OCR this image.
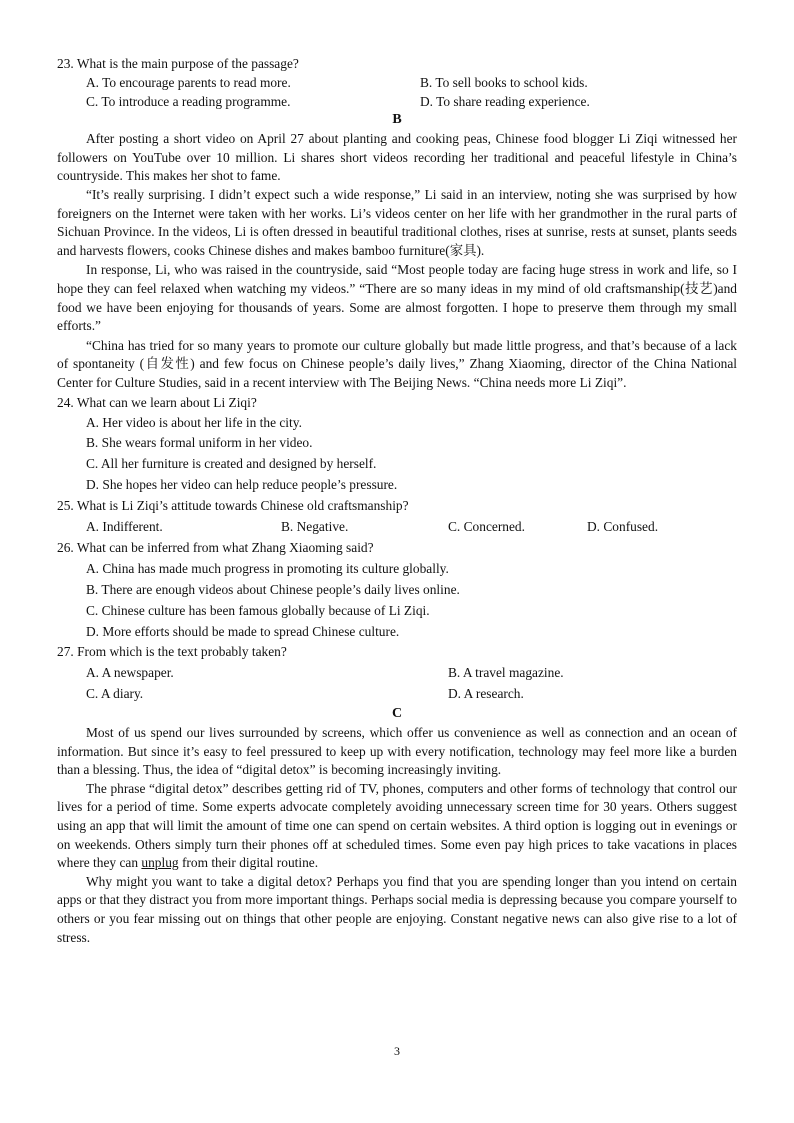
23. What is the main purpose of the passage?

A. To encourage parents to read more.	B. To sell books to school kids.
C. To introduce a reading programme.	D. To share reading experience.

B

After posting a short video on April 27 about planting and cooking peas, Chinese food blogger Li Ziqi witnessed her followers on YouTube over 10 million. Li shares short videos recording her traditional and peaceful lifestyle in China’s countryside. This makes her shot to fame.

“It’s really surprising. I didn’t expect such a wide response,” Li said in an interview, noting she was surprised by how foreigners on the Internet were taken with her works. Li’s videos center on her life with her grandmother in the rural parts of Sichuan Province. In the videos, Li is often dressed in beautiful traditional clothes, rises at sunrise, rests at sunset, plants seeds and harvests flowers, cooks Chinese dishes and makes bamboo furniture(家具).

In response, Li, who was raised in the countryside, said “Most people today are facing huge stress in work and life, so I hope they can feel relaxed when watching my videos.” “There are so many ideas in my mind of old craftsmanship(技艺)and food we have been enjoying for thousands of years. Some are almost forgotten. I hope to preserve them through my small efforts.”

“China has tried for so many years to promote our culture globally but made little progress, and that’s because of a lack of spontaneity (自发性) and few focus on Chinese people’s daily lives,” Zhang Xiaoming, director of the China National Center for Culture Studies, said in a recent interview with The Beijing News. “China needs more Li Ziqi”.

24. What can we learn about Li Ziqi?

A. Her video is about her life in the city.

B. She wears formal uniform in her video.

C. All her furniture is created and designed by herself.

D. She hopes her video can help reduce people’s pressure.

25. What is Li Ziqi’s attitude towards Chinese old craftsmanship?

A. Indifferent.	B. Negative.	C. Concerned.	D. Confused.

26. What can be inferred from what Zhang Xiaoming said?

A. China has made much progress in promoting its culture globally.

B. There are enough videos about Chinese people’s daily lives online.

C. Chinese culture has been famous globally because of Li Ziqi.

D. More efforts should be made to spread Chinese culture.

27. From which is the text probably taken?

A. A newspaper.	B. A travel magazine.
C. A diary.	D. A research.

C

Most of us spend our lives surrounded by screens, which offer us convenience as well as connection and an ocean of information. But since it’s easy to feel pressured to keep up with every notification, technology may feel more like a burden than a blessing. Thus, the idea of “digital detox” is becoming increasingly inviting.

The phrase “digital detox” describes getting rid of TV, phones, computers and other forms of technology that control our lives for a period of time. Some experts advocate completely avoiding unnecessary screen time for 30 years. Others suggest using an app that will limit the amount of time one can spend on certain websites. A third option is logging out in evenings or on weekends. Others simply turn their phones off at scheduled times. Some even pay high prices to take vacations in places where they can unplug from their digital routine.

Why might you want to take a digital detox? Perhaps you find that you are spending longer than you intend on certain apps or that they distract you from more important things. Perhaps social media is depressing because you compare yourself to others or you fear missing out on things that other people are enjoying. Constant negative news can also give rise to a lot of stress.

3
